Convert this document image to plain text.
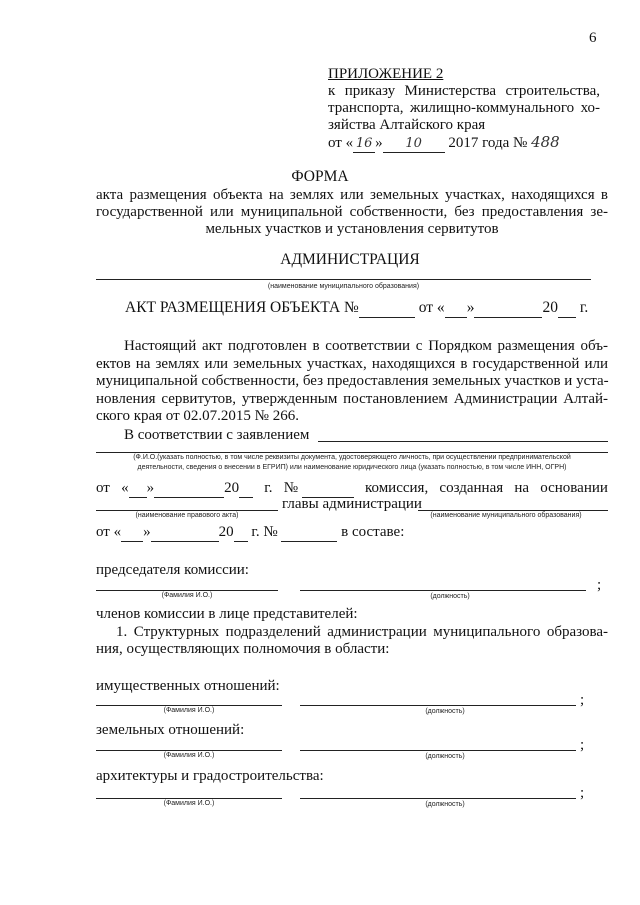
6
ПРИЛОЖЕНИЕ 2
к приказу Министерства строительства,
транспорта, жилищно-коммунального хо-
зяйства Алтайского края
от « 16 » 10 2017 года № 488
ФОРМА
акта размещения объекта на землях или земельных участках, находящихся в
государственной или муниципальной собственности, без предоставления зе-
мельных участков и установления сервитутов
АДМИНИСТРАЦИЯ
(наименование муниципального образования)
АКТ РАЗМЕЩЕНИЯ ОБЪЕКТА №	от « »	20 г.
Настоящий акт подготовлен в соответствии с Порядком размещения объ-
ектов на землях или земельных участках, находящихся в государственной или
муниципальной собственности, без предоставления земельных участков и уста-
новления сервитутов, утвержденным постановлением Администрации Алтай-
ского края от 02.07.2015 № 266.
В соответствии с заявлением
(Ф.И.О.(указать полностью, в том числе реквизиты документа, удостоверяющего личность, при осуществлении предпринимательской
деятельности, сведения о внесении в ЕГРИП) или наименование юридического лица (указать полностью, в том числе ИНН, ОГРН)
от « »	20	г. №	комиссия, созданная на основании
главы администрации
(наименование правового акта)	(наименование муниципального образования)
от « »	20 г. №	в составе:
председателя комиссии:
;
(Фамилия И.О.)	(должность)
членов комиссии в лице представителей:
1. Структурных подразделений администрации муниципального образова-
ния, осуществляющих полномочия в области:
имущественных отношений:
;
(Фамилия И.О.)	(должность)
земельных отношений:
;
(Фамилия И.О.)	(должность)
архитектуры и градостроительства:
;
(Фамилия И.О.)	(должность)
